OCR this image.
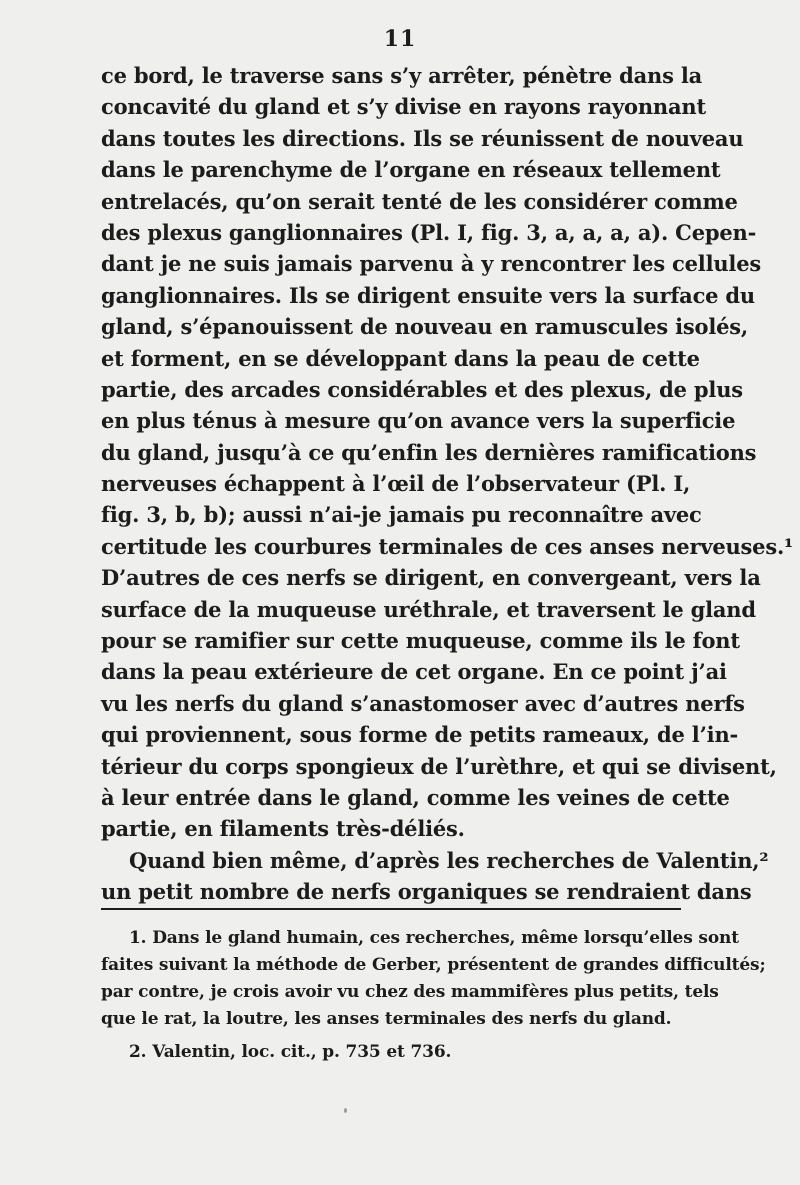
11
ce bord, le traverse sans s’y arrêter, pénètre dans la
concavité du gland et s’y divise en rayons rayonnant
dans toutes les directions. Ils se réunissent de nouveau
dans le parenchyme de l’organe en réseaux tellement
entrelacés, qu’on serait tenté de les considérer comme
des plexus ganglionnaires (Pl. I, fig. 3, a, a, a, a). Cepen-
dant je ne suis jamais parvenu à y rencontrer les cellules
ganglionnaires. Ils se dirigent ensuite vers la surface du
gland, s’épanouissent de nouveau en ramuscules isolés,
et forment, en se développant dans la peau de cette
partie, des arcades considérables et des plexus, de plus
en plus ténus à mesure qu’on avance vers la superficie
du gland, jusqu’à ce qu’enfin les dernières ramifications
nerveuses échappent à l’œil de l’observateur (Pl. I,
fig. 3, b, b); aussi n’ai-je jamais pu reconnaître avec
certitude les courbures terminales de ces anses nerveuses.¹
D’autres de ces nerfs se dirigent, en convergeant, vers la
surface de la muqueuse uréthrale, et traversent le gland
pour se ramifier sur cette muqueuse, comme ils le font
dans la peau extérieure de cet organe. En ce point j’ai
vu les nerfs du gland s’anastomoser avec d’autres nerfs
qui proviennent, sous forme de petits rameaux, de l’in-
térieur du corps spongieux de l’urèthre, et qui se divisent,
à leur entrée dans le gland, comme les veines de cette
partie, en filaments très-déliés.
Quand bien même, d’après les recherches de Valentin,²
un petit nombre de nerfs organiques se rendraient dans
1. Dans le gland humain, ces recherches, même lorsqu’elles sont
faites suivant la méthode de Gerber, présentent de grandes difficultés;
par contre, je crois avoir vu chez des mammifères plus petits, tels
que le rat, la loutre, les anses terminales des nerfs du gland.
2. Valentin, loc. cit., p. 735 et 736.
